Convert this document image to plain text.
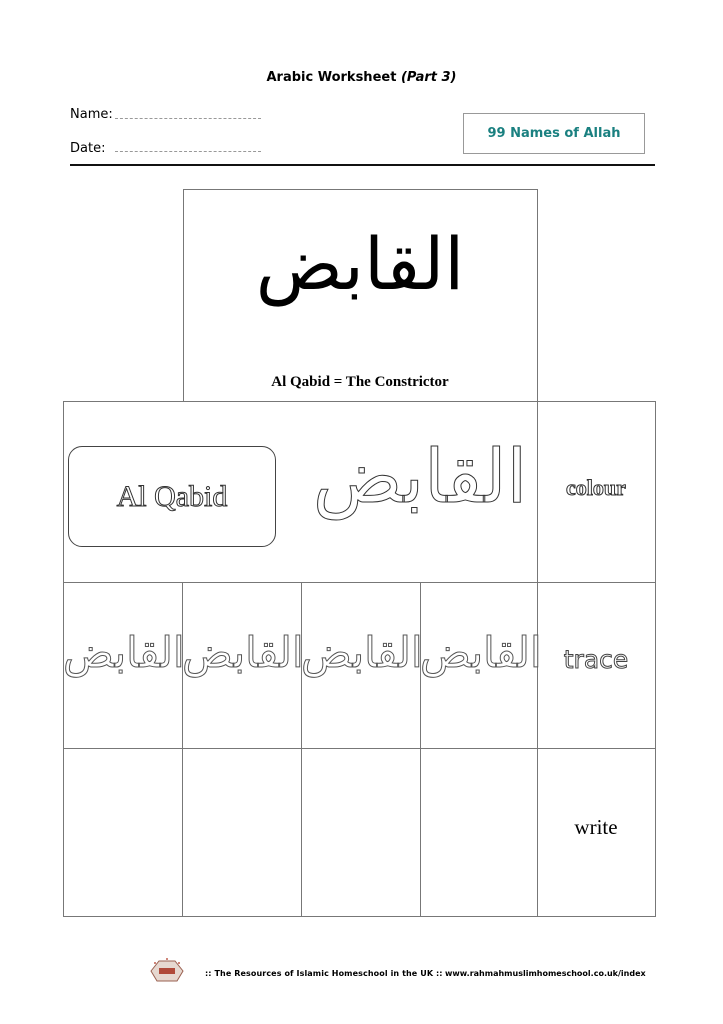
Arabic Worksheet (Part 3)
Name:
Date:
99 Names of Allah
القابض
Al Qabid = The Constrictor
Al Qabid	القابض	colour
القابض
القابض
القابض
القابض trace
write
:: The Resources of Islamic Homeschool in the UK :: www.rahmahmuslimhomeschool.co.uk/index
